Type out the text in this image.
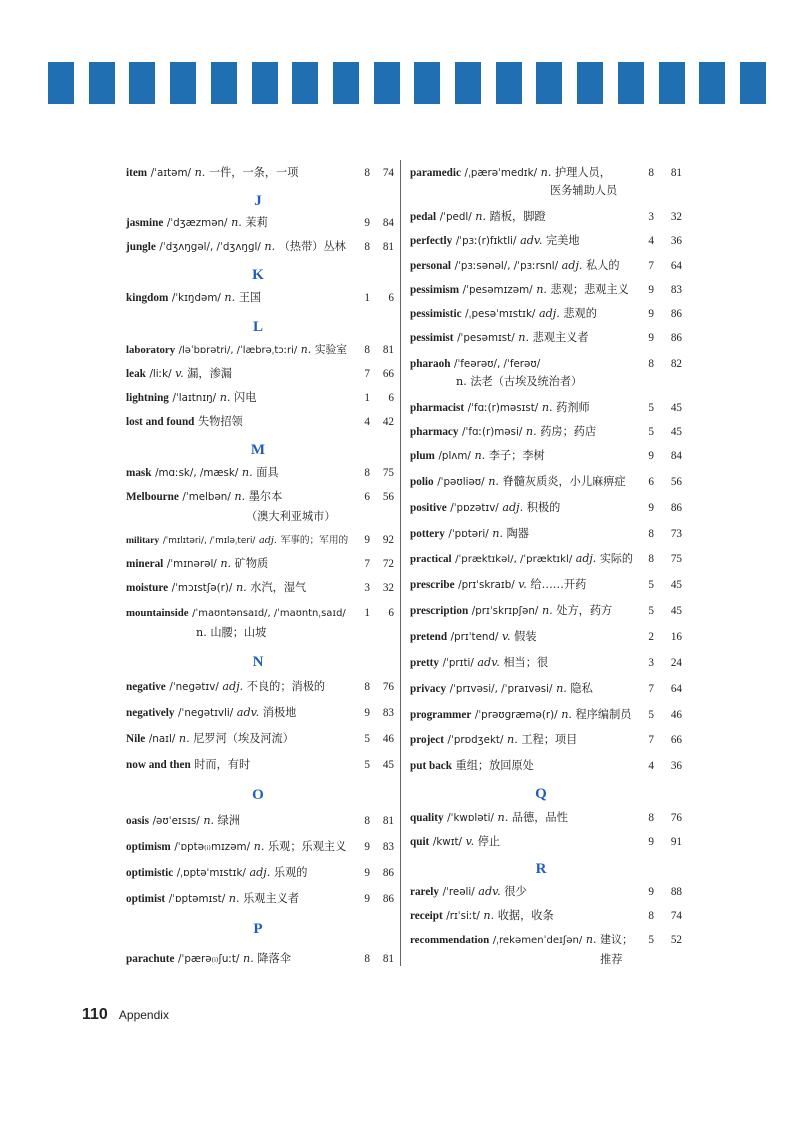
item /ˈaɪtəm/ n. 一件，一条，一项	8	74
J
jasmine /ˈdʒæzmən/ n. 茉莉	9	84
jungle /ˈdʒʌŋgəl/, /ˈdʒʌŋgl/ n. （热带）丛林	8	81
K
kingdom /ˈkɪŋdəm/ n. 王国	1	6
L
laboratory /ləˈbɒrətri/, /ˈlæbrəˌtɔːri/ n. 实验室	8	81
leak /liːk/ v. 漏，渗漏	7	66
lightning /ˈlaɪtnɪŋ/ n. 闪电	1	6
lost and found 失物招领	4	42
M
mask /mɑːsk/, /mæsk/ n. 面具	8	75
Melbourne /ˈmelbən/ n. 墨尔本	6	56
（澳大利亚城市）
military /ˈmɪlɪtəri/, /ˈmɪləˌteri/ adj. 军事的；军用的	9	92
mineral /ˈmɪnərəl/ n. 矿物质	7	72
moisture /ˈmɔɪstʃə(r)/ n. 水汽，湿气	3	32
mountainside /ˈmaʊntənsaɪd/, /ˈmaʊntnˌsaɪd/	1	6
n. 山腰；山坡
N
negative /ˈnegətɪv/ adj. 不良的；消极的	8	76
negatively /ˈnegətɪvli/ adv. 消极地	9	83
Nile /naɪl/ n. 尼罗河（埃及河流）	5	46
now and then 时而，有时	5	45
O
oasis /əʊˈeɪsɪs/ n. 绿洲	8	81
optimism /ˈɒptə₍ᵢ₎mɪzəm/ n. 乐观；乐观主义	9	83
optimistic /ˌɒptəˈmɪstɪk/ adj. 乐观的	9	86
optimist /ˈɒptəmɪst/ n. 乐观主义者	9	86
P
parachute /ˈpærə₍ᵢ₎ʃuːt/ n. 降落伞	8	81
paramedic /ˌpærəˈmedɪk/ n. 护理人员，	8	81
医务辅助人员
pedal /ˈpedl/ n. 踏板，脚蹬	3	32
perfectly /ˈpɜː(r)fɪktli/ adv. 完美地	4	36
personal /ˈpɜːsənəl/, /ˈpɜːrsnl/ adj. 私人的	7	64
pessimism /ˈpesəmɪzəm/ n. 悲观；悲观主义	9	83
pessimistic /ˌpesəˈmɪstɪk/ adj. 悲观的	9	86
pessimist /ˈpesəmɪst/ n. 悲观主义者	9	86
pharaoh /ˈfeərəʊ/, /ˈferəʊ/	8	82
n. 法老（古埃及统治者）
pharmacist /ˈfɑː(r)məsɪst/ n. 药剂师	5	45
pharmacy /ˈfɑː(r)məsi/ n. 药房；药店	5	45
plum /plʌm/ n. 李子；李树	9	84
polio /ˈpəʊliəʊ/ n. 脊髓灰质炎，小儿麻痹症	6	56
positive /ˈpɒzətɪv/ adj. 积极的	9	86
pottery /ˈpɒtəri/ n. 陶器	8	73
practical /ˈpræktɪkəl/, /ˈpræktɪkl/ adj. 实际的	8	75
prescribe /prɪˈskraɪb/ v. 给……开药	5	45
prescription /prɪˈskrɪpʃən/ n. 处方，药方	5	45
pretend /prɪˈtend/ v. 假装	2	16
pretty /ˈprɪti/ adv. 相当；很	3	24
privacy /ˈprɪvəsi/, /ˈpraɪvəsi/ n. 隐私	7	64
programmer /ˈprəʊgræmə(r)/ n. 程序编制员	5	46
project /ˈprɒdʒekt/ n. 工程；项目	7	66
put back 重组；放回原处	4	36
Q
quality /ˈkwɒləti/ n. 品德，品性	8	76
quit /kwɪt/ v. 停止	9	91
R
rarely /ˈreəli/ adv. 很少	9	88
receipt /rɪˈsiːt/ n. 收据，收条	8	74
recommendation /ˌrekəmenˈdeɪʃən/ n. 建议；	5	52
推荐
110 Appendix
